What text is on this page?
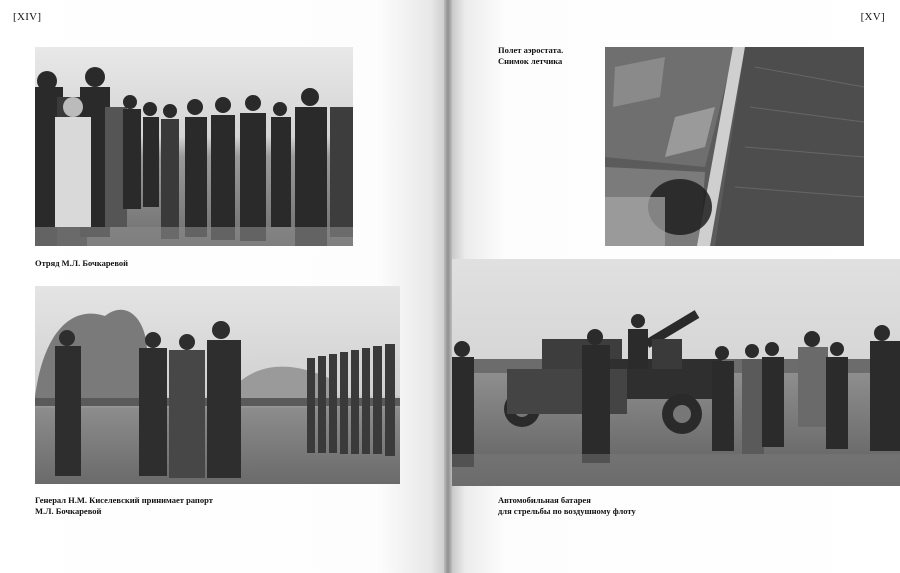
[XIV]
Отряд М.Л. Бочкаревой
Генерал Н.М. Киселевский принимает рапорт
М.Л. Бочкаревой
[XV]
Полет аэростата.
Снимок летчика
Автомобильная батарея
для стрельбы по воздушному флоту
